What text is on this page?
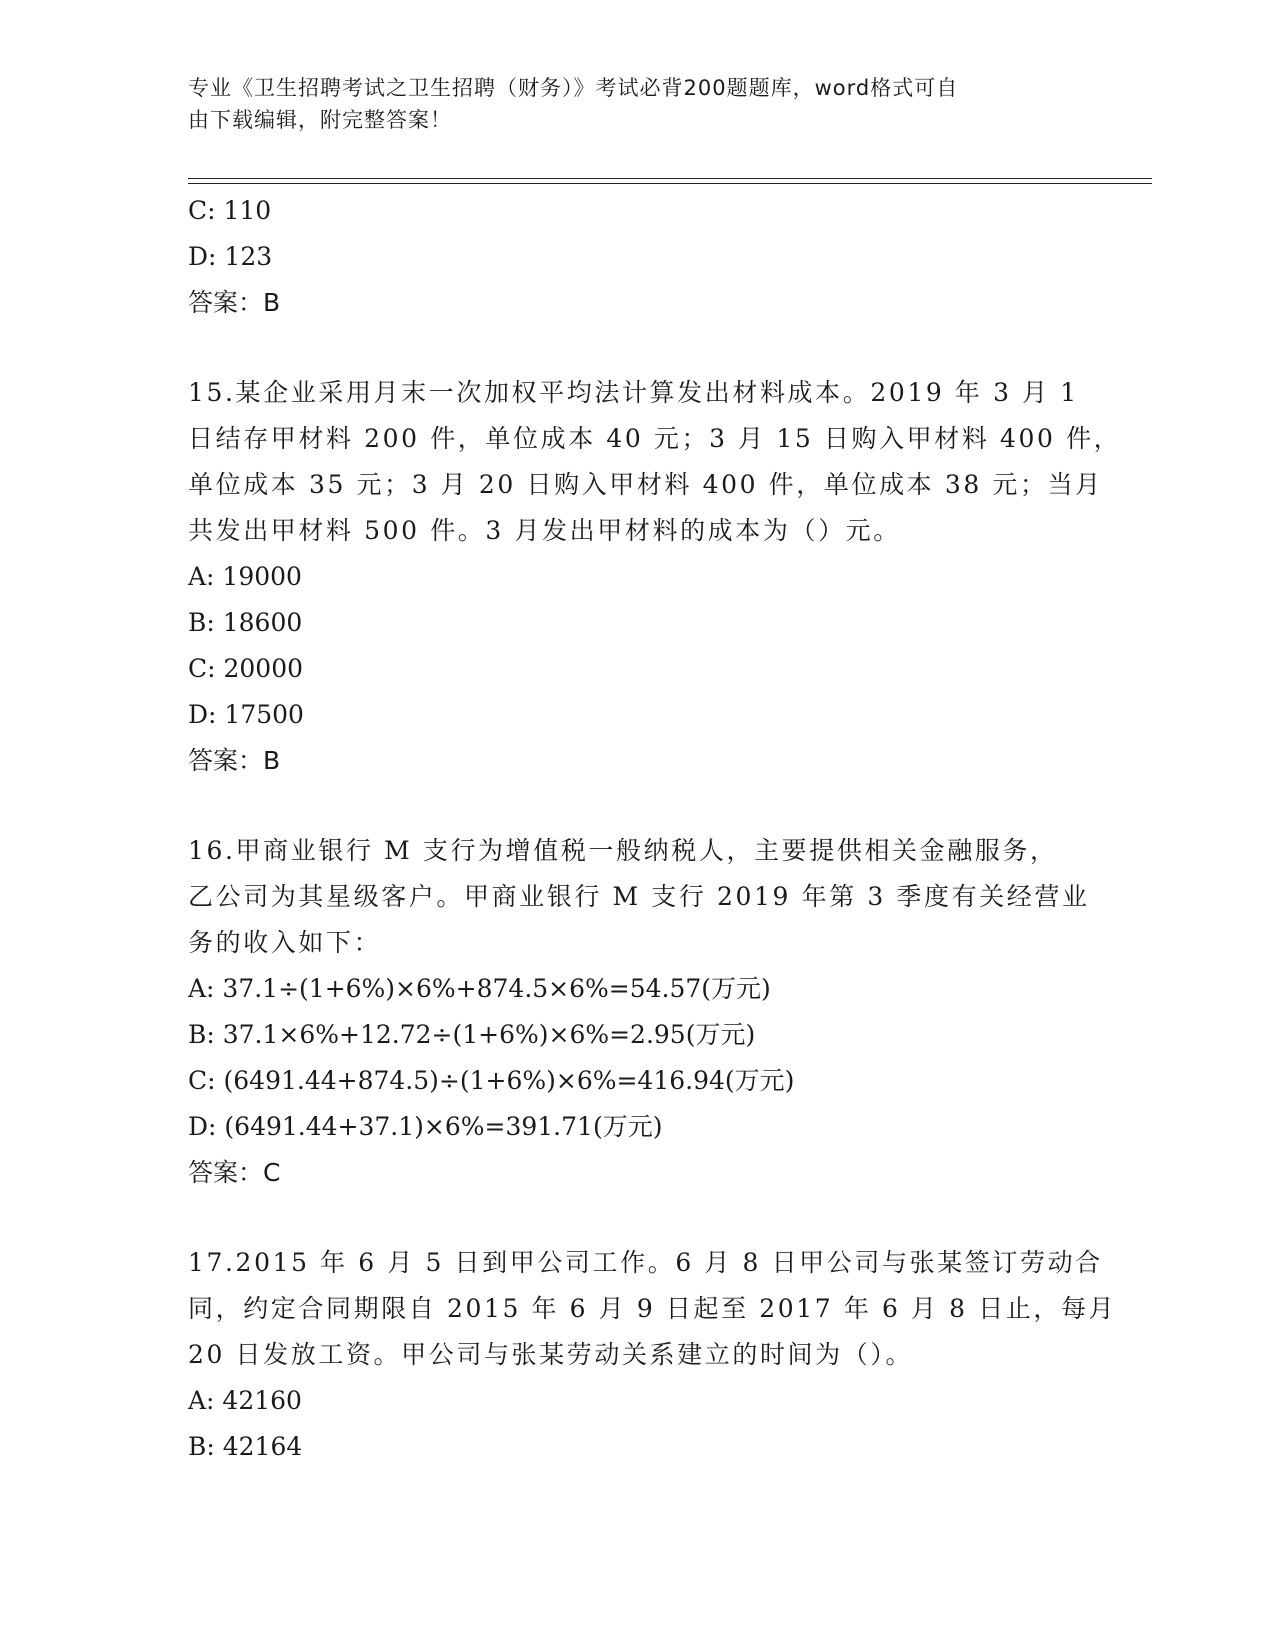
专业《卫生招聘考试之卫生招聘（财务）》考试必背200题题库，word格式可自
由下载编辑，附完整答案！
C: 110
D: 123
答案：B
15.某企业采用月末一次加权平均法计算发出材料成本。2019 年 3 月 1
日结存甲材料 200 件，单位成本 40 元；3 月 15 日购入甲材料 400 件，
单位成本 35 元；3 月 20 日购入甲材料 400 件，单位成本 38 元；当月
共发出甲材料 500 件。3 月发出甲材料的成本为（）元。
A: 19000
B: 18600
C: 20000
D: 17500
答案：B
16.甲商业银行 M 支行为增值税一般纳税人，主要提供相关金融服务，
乙公司为其星级客户。甲商业银行 M 支行 2019 年第 3 季度有关经营业
务的收入如下：
A: 37.1÷(1+6%)×6%+874.5×6%=54.57(万元)
B: 37.1×6%+12.72÷(1+6%)×6%=2.95(万元)
C: (6491.44+874.5)÷(1+6%)×6%=416.94(万元)
D: (6491.44+37.1)×6%=391.71(万元)
答案：C
17.2015 年 6 月 5 日到甲公司工作。6 月 8 日甲公司与张某签订劳动合
同，约定合同期限自 2015 年 6 月 9 日起至 2017 年 6 月 8 日止，每月
20 日发放工资。甲公司与张某劳动关系建立的时间为（）。
A: 42160
B: 42164
